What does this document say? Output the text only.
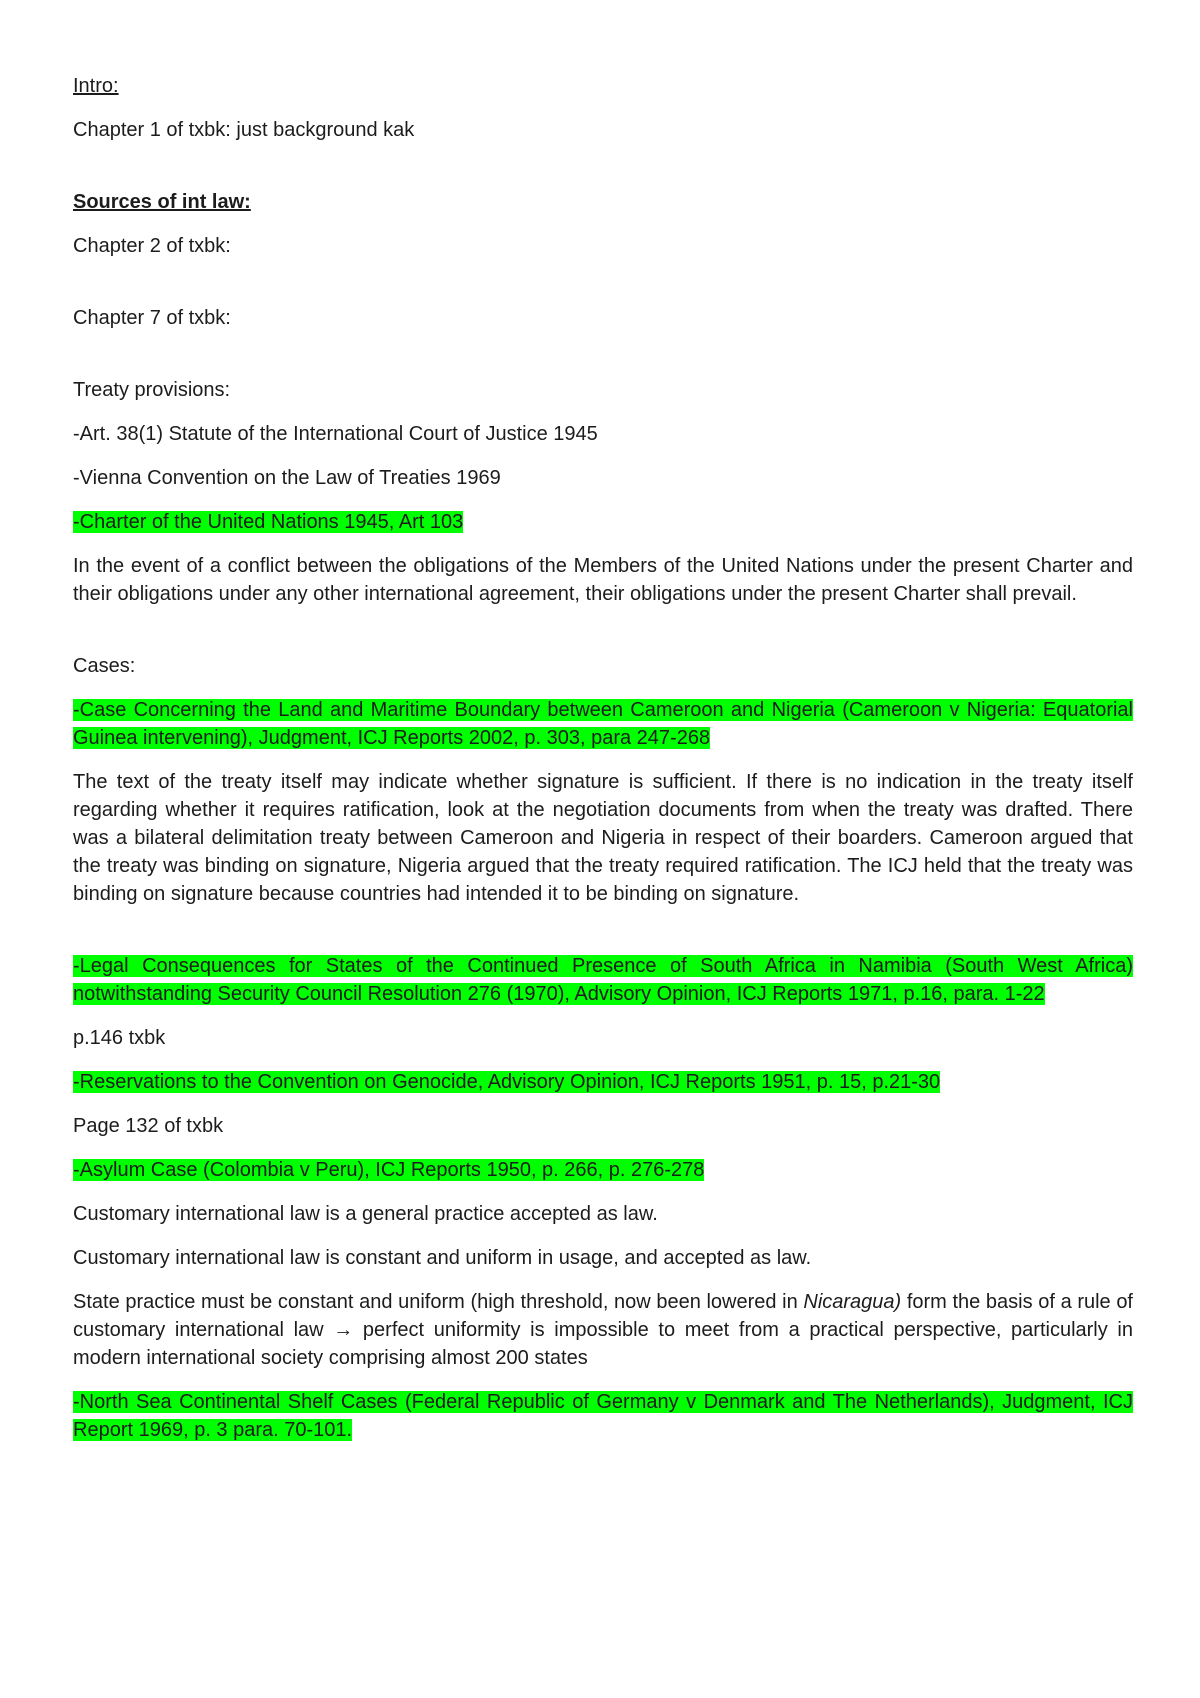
Intro:

Chapter 1 of txbk: just background kak

Sources of int law:

Chapter 2 of txbk:

Chapter 7 of txbk:

Treaty provisions:

-Art. 38(1) Statute of the International Court of Justice 1945

-Vienna Convention on the Law of Treaties 1969

-Charter of the United Nations 1945, Art 103

In the event of a conflict between the obligations of the Members of the United Nations under the present Charter and their obligations under any other international agreement, their obligations under the present Charter shall prevail.

Cases:

-Case Concerning the Land and Maritime Boundary between Cameroon and Nigeria (Cameroon v Nigeria: Equatorial Guinea intervening), Judgment, ICJ Reports 2002, p. 303, para 247-268

The text of the treaty itself may indicate whether signature is sufficient. If there is no indication in the treaty itself regarding whether it requires ratification, look at the negotiation documents from when the treaty was drafted. There was a bilateral delimitation treaty between Cameroon and Nigeria in respect of their boarders. Cameroon argued that the treaty was binding on signature, Nigeria argued that the treaty required ratification. The ICJ held that the treaty was binding on signature because countries had intended it to be binding on signature.

-Legal Consequences for States of the Continued Presence of South Africa in Namibia (South West Africa) notwithstanding Security Council Resolution 276 (1970), Advisory Opinion, ICJ Reports 1971, p.16, para. 1-22

p.146 txbk

-Reservations to the Convention on Genocide, Advisory Opinion, ICJ Reports 1951, p. 15, p.21-30

Page 132 of txbk

-Asylum Case (Colombia v Peru), ICJ Reports 1950, p. 266, p. 276-278

Customary international law is a general practice accepted as law.

Customary international law is constant and uniform in usage, and accepted as law.

State practice must be constant and uniform (high threshold, now been lowered in Nicaragua) form the basis of a rule of customary international law → perfect uniformity is impossible to meet from a practical perspective, particularly in modern international society comprising almost 200 states

-North Sea Continental Shelf Cases (Federal Republic of Germany v Denmark and The Netherlands), Judgment, ICJ Report 1969, p. 3 para. 70-101.
